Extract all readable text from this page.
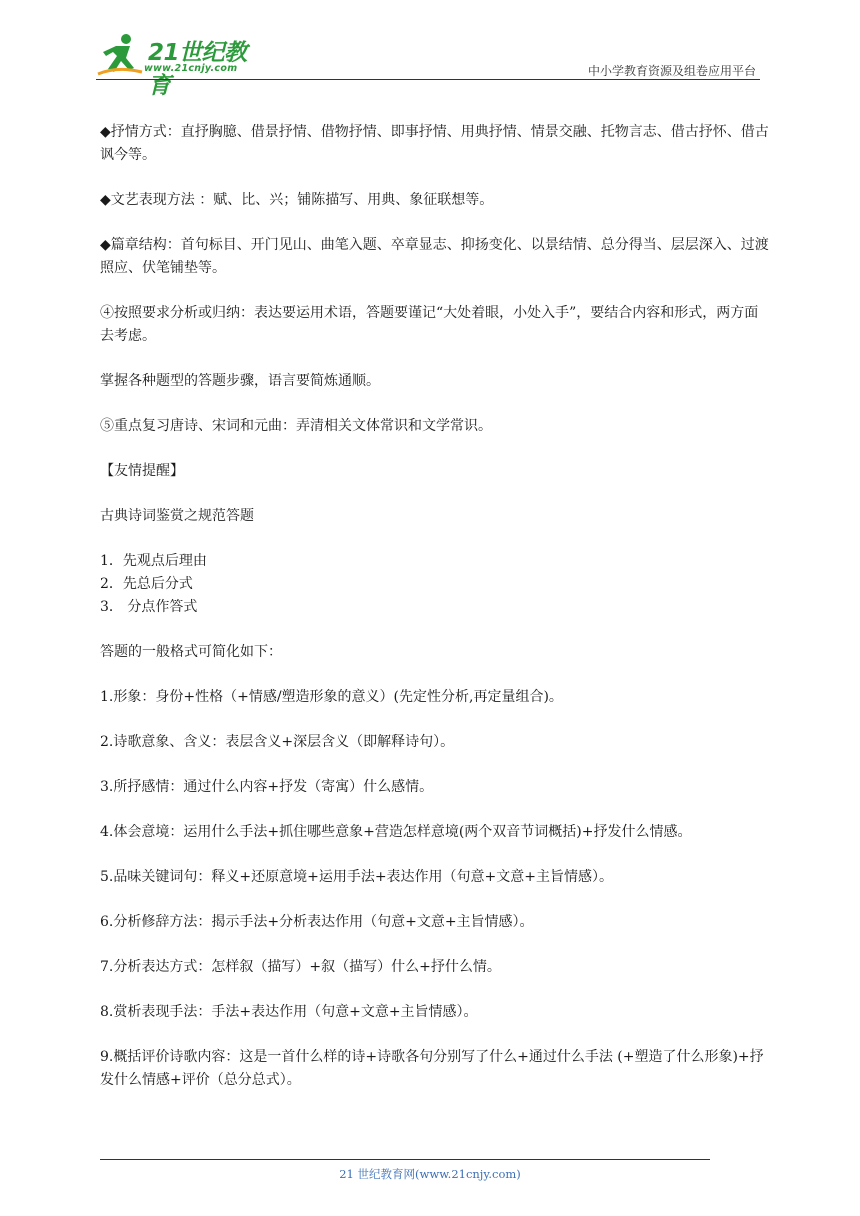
21世纪教育
www.21cnjy.com	中小学教育资源及组卷应用平台

◆抒情方式：直抒胸臆、借景抒情、借物抒情、即事抒情、用典抒情、情景交融、托物言志、借古抒怀、借古讽今等。

◆文艺表现方法 ：赋、比、兴；铺陈描写、用典、象征联想等。

◆篇章结构：首句标目、开门见山、曲笔入题、卒章显志、抑扬变化、以景结情、总分得当、层层深入、过渡照应、伏笔铺垫等。

④按照要求分析或归纳：表达要运用术语，答题要谨记“大处着眼，小处入手”，要结合内容和形式，两方面去考虑。

掌握各种题型的答题步骤，语言要简炼通顺。

⑤重点复习唐诗、宋词和元曲：弄清相关文体常识和文学常识。

【友情提醒】

古典诗词鉴赏之规范答题

1．先观点后理由
2．先总后分式
3． 分点作答式

答题的一般格式可简化如下：

1.形象：身份+性格（+情感/塑造形象的意义）(先定性分析,再定量组合)。

2.诗歌意象、含义：表层含义+深层含义（即解释诗句）。

3.所抒感情：通过什么内容+抒发（寄寓）什么感情。

4.体会意境：运用什么手法+抓住哪些意象+营造怎样意境(两个双音节词概括)+抒发什么情感。

5.品味关键词句：释义+还原意境+运用手法+表达作用（句意+文意+主旨情感）。

6.分析修辞方法：揭示手法+分析表达作用（句意+文意+主旨情感）。

7.分析表达方式：怎样叙（描写）+叙（描写）什么+抒什么情。

8.赏析表现手法：手法+表达作用（句意+文意+主旨情感）。

9.概括评价诗歌内容：这是一首什么样的诗+诗歌各句分别写了什么+通过什么手法 (+塑造了什么形象)+抒发什么情感+评价（总分总式）。

21 世纪教育网(www.21cnjy.com)
